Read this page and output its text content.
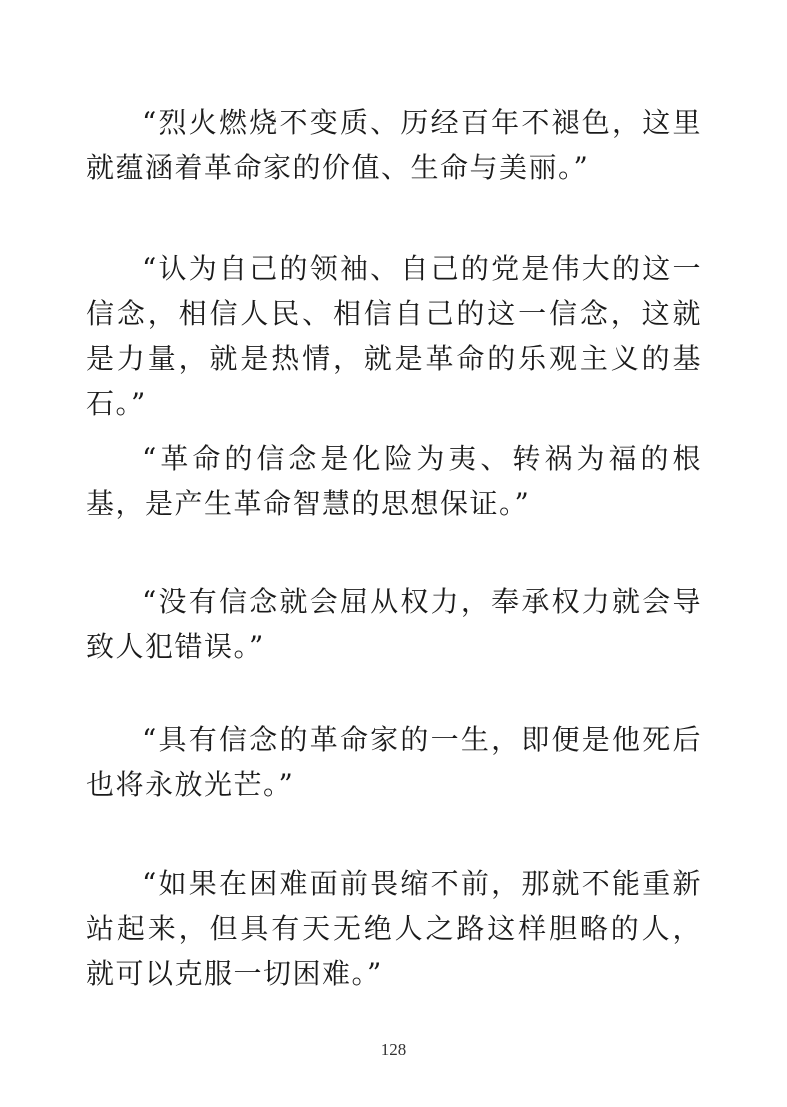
“烈火燃烧不变质、历经百年不褪色，这里就蕴涵着革命家的价值、生命与美丽。”

“认为自己的领袖、自己的党是伟大的这一信念，相信人民、相信自己的这一信念，这就是力量，就是热情，就是革命的乐观主义的基石。”

“革命的信念是化险为夷、转祸为福的根基，是产生革命智慧的思想保证。”

“没有信念就会屈从权力，奉承权力就会导致人犯错误。”

“具有信念的革命家的一生，即便是他死后也将永放光芒。”

“如果在困难面前畏缩不前，那就不能重新站起来，但具有天无绝人之路这样胆略的人，就可以克服一切困难。”

128
